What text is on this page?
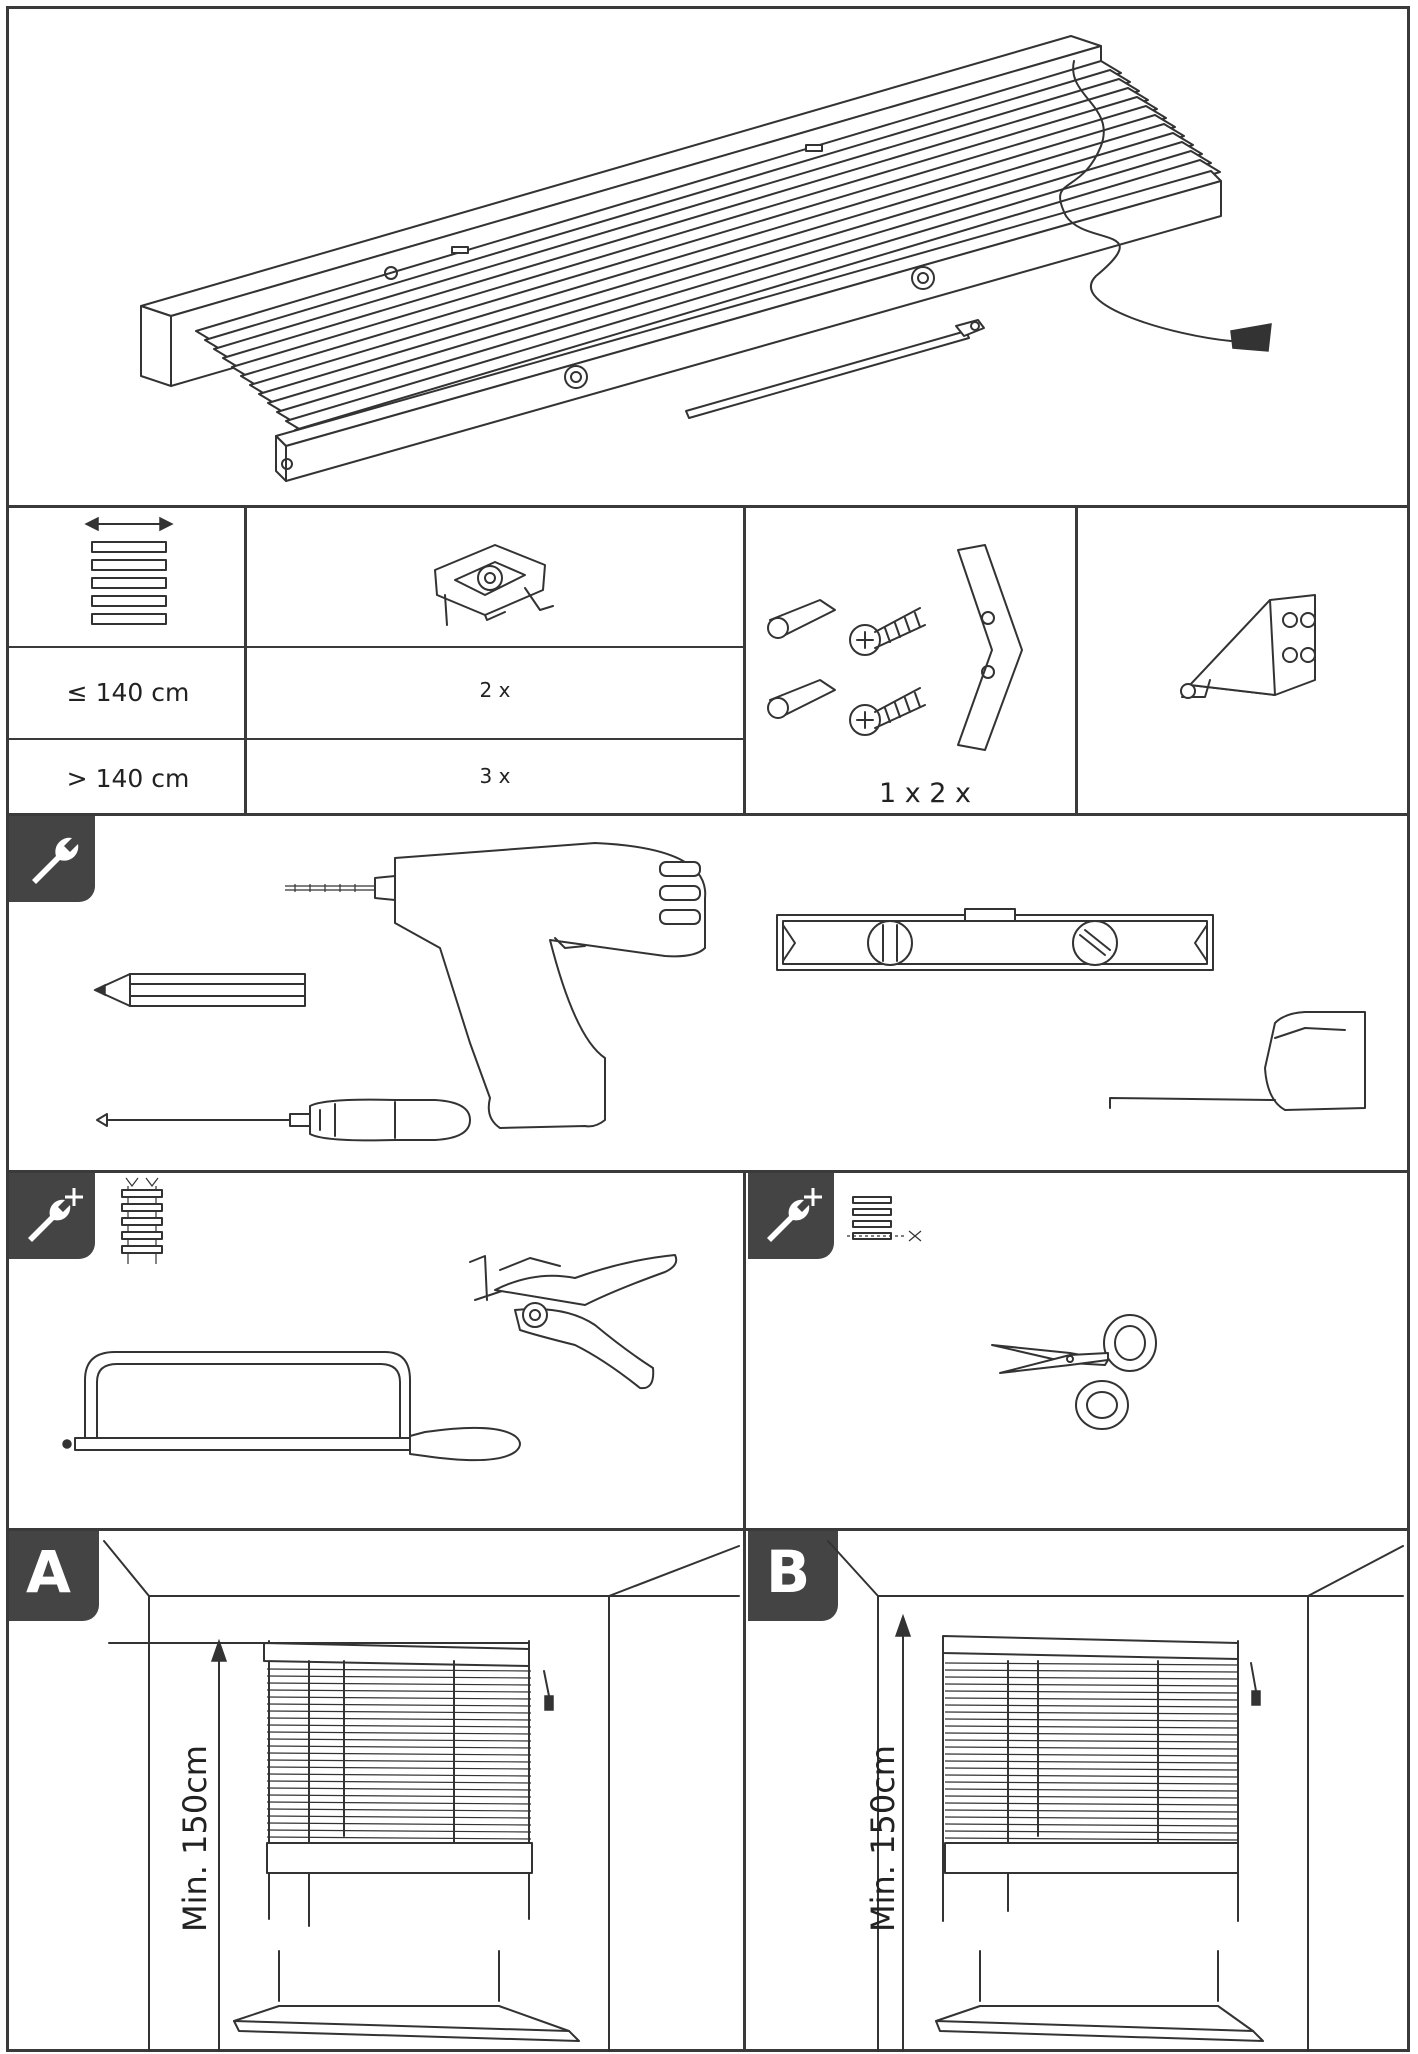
≤ 140 cm	2 x
> 140 cm	3 x
1 x 2 x
A	B
Min. 150cm	Min. 150cm
